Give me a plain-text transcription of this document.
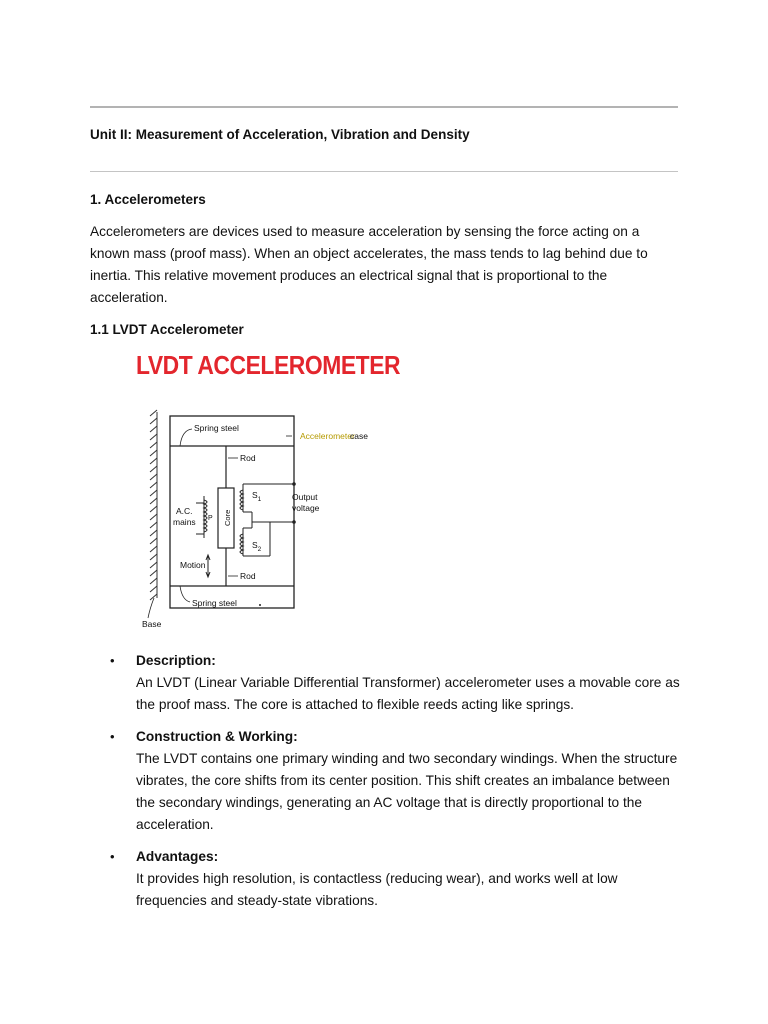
Unit II: Measurement of Acceleration, Vibration and Density
1. Accelerometers

Accelerometers are devices used to measure acceleration by sensing the force acting on a known mass (proof mass). When an object accelerates, the mass tends to lag behind due to inertia. This relative movement produces an electrical signal that is proportional to the acceleration.

1.1 LVDT Accelerometer
LVDT ACCELEROMETER
Spring steel
Accelerometer
case
Rod
$S_1$	Output
voltage
A.C.
mains P Core
$S_2$
Motion
Rod
Spring steel
Base
• Description :
An LVDT (Linear Variable Differential Transformer) accelerometer uses a movable core as the proof mass. The core is attached to flexible reeds acting like springs.
• Construction & Working :
The LVDT contains one primary winding and two secondary windings. When the structure vibrates, the core shifts from its center position. This shift creates an imbalance between the secondary windings, generating an AC voltage that is directly proportional to the acceleration.
• Advantages :
It provides high resolution, is contactless (reducing wear), and works well at low frequencies and steady-state vibrations.
